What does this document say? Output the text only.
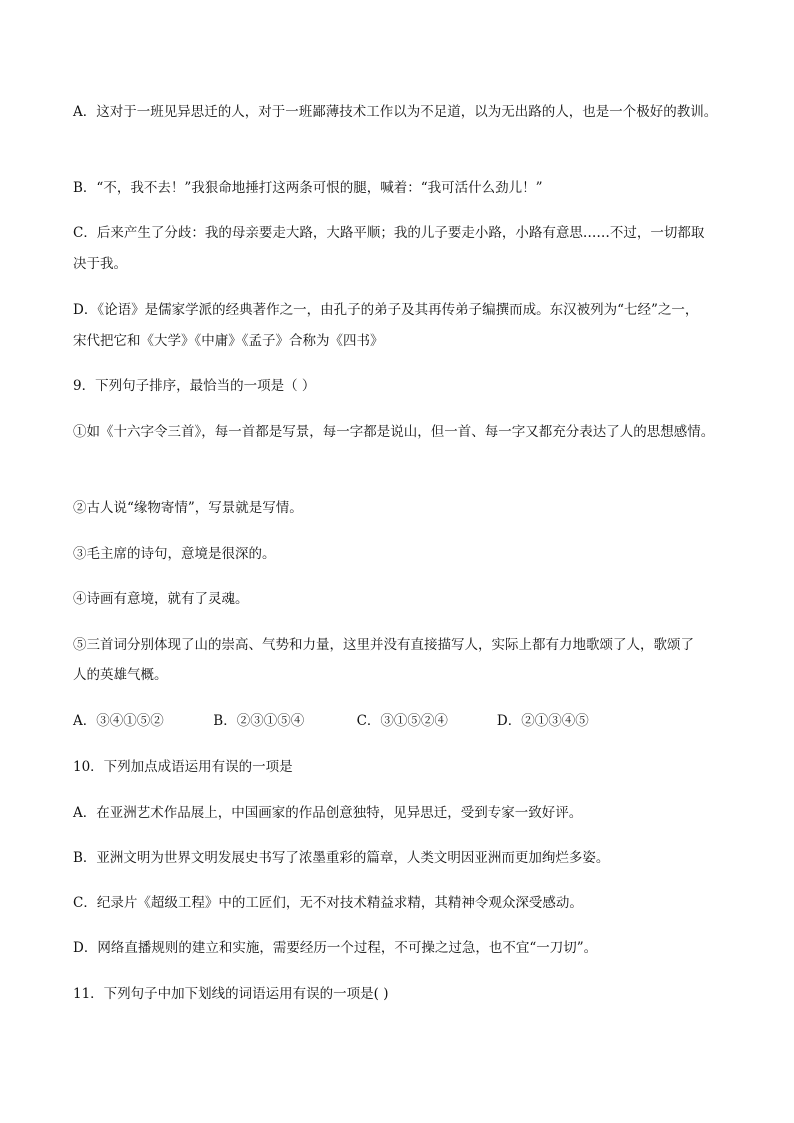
A．这对于一班见异思迁的人，对于一班鄙薄技术工作以为不足道，以为无出路的人，也是一个极好的教训。
B．“不，我不去！”我狠命地捶打这两条可恨的腿，喊着：“我可活什么劲儿！”
C．后来产生了分歧：我的母亲要走大路，大路平顺；我的儿子要走小路，小路有意思……不过，一切都取
决于我。
D．《论语》是儒家学派的经典著作之一，由孔子的弟子及其再传弟子编撰而成。东汉被列为“七经”之一，
宋代把它和《大学》《中庸》《孟子》合称为《四书》
9．下列句子排序，最恰当的一项是（ ）
①如《十六字令三首》，每一首都是写景，每一字都是说山，但一首、每一字又都充分表达了人的思想感情。
②古人说“缘物寄情”，写景就是写情。
③毛主席的诗句，意境是很深的。
④诗画有意境，就有了灵魂。
⑤三首词分别体现了山的崇高、气势和力量，这里并没有直接描写人，实际上都有力地歌颂了人，歌颂了
人的英雄气概。
A．③④①⑤②	B．②③①⑤④	C．③①⑤②④	D．②①③④⑤
10．下列加点成语运用有误的一项是
A．在亚洲艺术作品展上，中国画家的作品创意独特，见异思迁，受到专家一致好评。
B．亚洲文明为世界文明发展史书写了浓墨重彩的篇章，人类文明因亚洲而更加绚烂多姿。
C．纪录片《超级工程》中的工匠们，无不对技术精益求精，其精神令观众深受感动。
D．网络直播规则的建立和实施，需要经历一个过程，不可操之过急，也不宜“一刀切”。
11．下列句子中加下划线的词语运用有误的一项是( )
